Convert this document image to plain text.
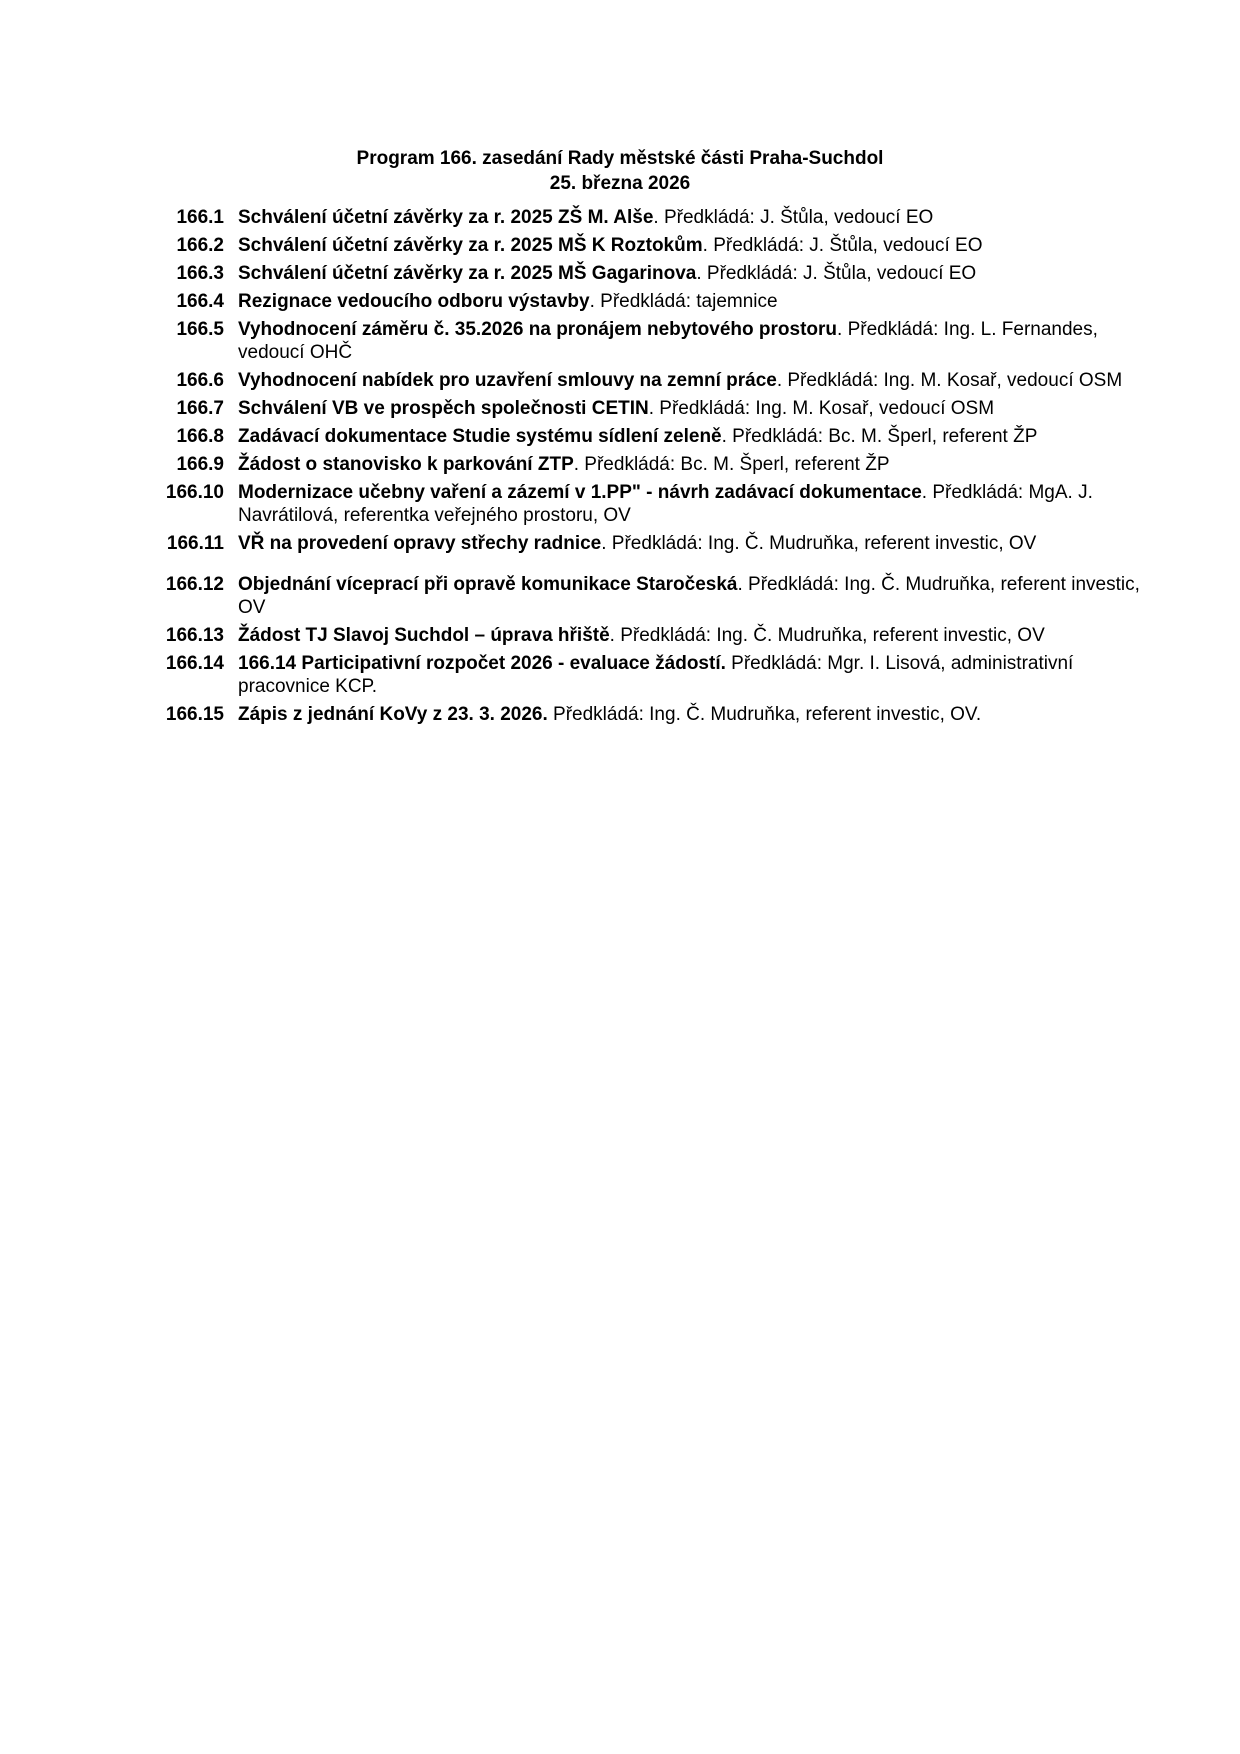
Program 166. zasedání Rady městské části Praha-Suchdol
25. března 2026
166.1 Schválení účetní závěrky za r. 2025 ZŠ M. Alše. Předkládá: J. Štůla, vedoucí EO
166.2 Schválení účetní závěrky za r. 2025 MŠ K Roztokům. Předkládá: J. Štůla, vedoucí EO
166.3 Schválení účetní závěrky za r. 2025 MŠ Gagarinova. Předkládá: J. Štůla, vedoucí EO
166.4 Rezignace vedoucího odboru výstavby. Předkládá: tajemnice
166.5 Vyhodnocení záměru č. 35.2026 na pronájem nebytového prostoru. Předkládá: Ing. L. Fernandes, vedoucí OHČ
166.6 Vyhodnocení nabídek pro uzavření smlouvy na zemní práce. Předkládá: Ing. M. Kosař, vedoucí OSM
166.7 Schválení VB ve prospěch společnosti CETIN. Předkládá: Ing. M. Kosař, vedoucí OSM
166.8 Zadávací dokumentace Studie systému sídlení zeleně. Předkládá: Bc. M. Šperl, referent ŽP
166.9 Žádost o stanovisko k parkování ZTP. Předkládá: Bc. M. Šperl, referent ŽP
166.10 Modernizace učebny vaření a zázemí v 1.PP" - návrh zadávací dokumentace. Předkládá: MgA. J. Navrátilová, referentka veřejného prostoru, OV
166.11 VŘ na provedení opravy střechy radnice. Předkládá: Ing. Č. Mudruňka, referent investic, OV
166.12 Objednání víceprací při opravě komunikace Staročeská. Předkládá: Ing. Č. Mudruňka, referent investic, OV
166.13 Žádost TJ Slavoj Suchdol – úprava hřiště. Předkládá: Ing. Č. Mudruňka, referent investic, OV
166.14 166.14 Participativní rozpočet 2026 - evaluace žádostí. Předkládá: Mgr. I. Lisová, administrativní pracovnice KCP.
166.15 Zápis z jednání KoVy z 23. 3. 2026. Předkládá: Ing. Č. Mudruňka, referent investic, OV.
